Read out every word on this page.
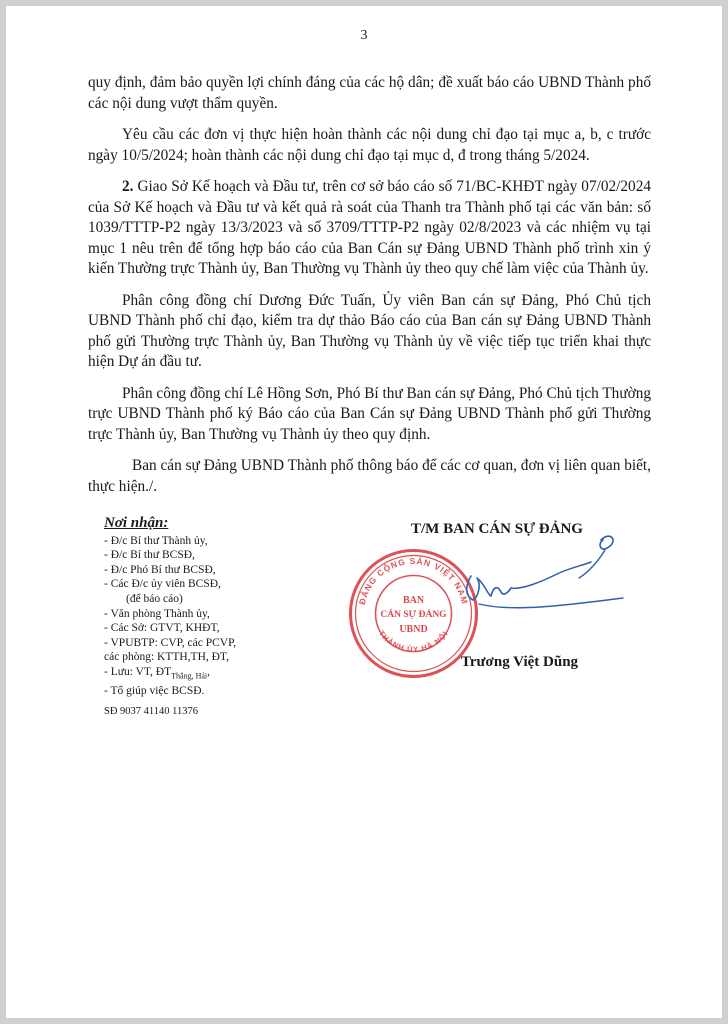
3

quy định, đảm bảo quyền lợi chính đáng của các hộ dân; đề xuất báo cáo UBND Thành phố các nội dung vượt thẩm quyền.

Yêu cầu các đơn vị thực hiện hoàn thành các nội dung chỉ đạo tại mục a, b, c trước ngày 10/5/2024; hoàn thành các nội dung chỉ đạo tại mục d, đ trong tháng 5/2024.

2. Giao Sở Kế hoạch và Đầu tư, trên cơ sở báo cáo số 71/BC-KHĐT ngày 07/02/2024 của Sở Kế hoạch và Đầu tư và kết quả rà soát của Thanh tra Thành phố tại các văn bản: số 1039/TTTP-P2 ngày 13/3/2023 và số 3709/TTTP-P2 ngày 02/8/2023 và các nhiệm vụ tại mục 1 nêu trên để tổng hợp báo cáo của Ban Cán sự Đảng UBND Thành phố trình xin ý kiến Thường trực Thành ủy, Ban Thường vụ Thành ủy theo quy chế làm việc của Thành ủy.

Phân công đồng chí Dương Đức Tuấn, Ủy viên Ban cán sự Đảng, Phó Chủ tịch UBND Thành phố chỉ đạo, kiểm tra dự thảo Báo cáo của Ban cán sự Đảng UBND Thành phố gửi Thường trực Thành ủy, Ban Thường vụ Thành ủy về việc tiếp tục triển khai thực hiện Dự án đầu tư.

Phân công đồng chí Lê Hồng Sơn, Phó Bí thư Ban cán sự Đảng, Phó Chủ tịch Thường trực UBND Thành phố ký Báo cáo của Ban Cán sự Đảng UBND Thành phố gửi Thường trực Thành ủy, Ban Thường vụ Thành ủy theo quy định.

Ban cán sự Đảng UBND Thành phố thông báo để các cơ quan, đơn vị liên quan biết, thực hiện./.

Nơi nhận:
- Đ/c Bí thư Thành ủy,
- Đ/c Bí thư BCSĐ,
- Đ/c Phó Bí thư BCSĐ,
- Các Đ/c ủy viên BCSĐ,
(để báo cáo)
- Văn phòng Thành ủy,
- Các Sở: GTVT, KHĐT,
- VPUBTP: CVP, các PCVP,
các phòng: KTTH,TH, ĐT,
- Lưu: VT, $ĐT_{Thắng, Hải}$,
- Tổ giúp việc BCSĐ.
SĐ 9037 41140 11376
T/M BAN CÁN SỰ ĐẢNG
ĐẢNG CỘNG SẢN VIỆT NAM
THÀNH ỦY HÀ NỘI
BAN
CÁN SỰ ĐẢNG
UBND
Trương Việt Dũng
